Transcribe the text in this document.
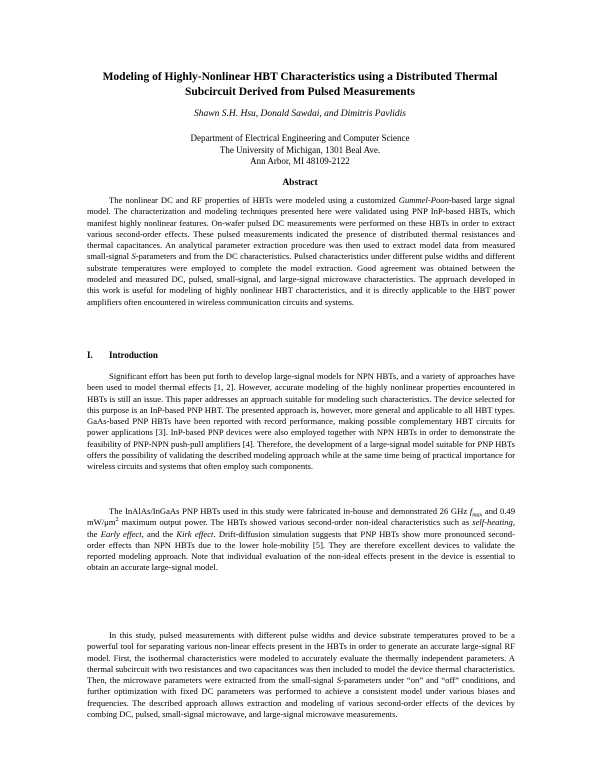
Modeling of Highly-Nonlinear HBT Characteristics using a Distributed Thermal Subcircuit Derived from Pulsed Measurements
Shawn S.H. Hsu, Donald Sawdai, and Dimitris Pavlidis
Department of Electrical Engineering and Computer Science
The University of Michigan, 1301 Beal Ave.
Ann Arbor, MI 48109-2122
Abstract

The nonlinear DC and RF properties of HBTs were modeled using a customized Gummel-Poon-based large signal model. The characterization and modeling techniques presented here were validated using PNP InP-based HBTs, which manifest highly nonlinear features. On-wafer pulsed DC measurements were performed on these HBTs in order to extract various second-order effects. These pulsed measurements indicated the presence of distributed thermal resistances and thermal capacitances. An analytical parameter extraction procedure was then used to extract model data from measured small-signal S-parameters and from the DC characteristics. Pulsed characteristics under different pulse widths and different substrate temperatures were employed to complete the model extraction. Good agreement was obtained between the modeled and measured DC, pulsed, small-signal, and large-signal microwave characteristics. The approach developed in this work is useful for modeling of highly nonlinear HBT characteristics, and it is directly applicable to the HBT power amplifiers often encountered in wireless communication circuits and systems.

I. Introduction

Significant effort has been put forth to develop large-signal models for NPN HBTs, and a variety of approaches have been used to model thermal effects [1, 2]. However, accurate modeling of the highly nonlinear properties encountered in HBTs is still an issue. This paper addresses an approach suitable for modeling such characteristics. The device selected for this purpose is an InP-based PNP HBT. The presented approach is, however, more general and applicable to all HBT types. GaAs-based PNP HBTs have been reported with record performance, making possible complementary HBT circuits for power applications [3]. InP-based PNP devices were also employed together with NPN HBTs in order to demonstrate the feasibility of PNP-NPN push-pull amplifiers [4]. Therefore, the development of a large-signal model suitable for PNP HBTs offers the possibility of validating the described modeling approach while at the same time being of practical importance for wireless circuits and systems that often employ such components.

The InAlAs/InGaAs PNP HBTs used in this study were fabricated in-house and demonstrated 26 GHz $f_{max}$ and 0.49 $mW/\mu m^2$ maximum output power. The HBTs showed various second-order non-ideal characteristics such as self-heating, the Early effect, and the Kirk effect. Drift-diffusion simulation suggests that PNP HBTs show more pronounced second-order effects than NPN HBTs due to the lower hole-mobility [5]. They are therefore excellent devices to validate the reported modeling approach. Note that individual evaluation of the non-ideal effects present in the device is essential to obtain an accurate large-signal model.

In this study, pulsed measurements with different pulse widths and device substrate temperatures proved to be a powerful tool for separating various non-linear effects present in the HBTs in order to generate an accurate large-signal RF model. First, the isothermal characteristics were modeled to accurately evaluate the thermally independent parameters. A thermal subcircuit with two resistances and two capacitances was then included to model the device thermal characteristics. Then, the microwave parameters were extracted from the small-signal S-parameters under “on” and “off” conditions, and further optimization with fixed DC parameters was performed to achieve a consistent model under various biases and frequencies. The described approach allows extraction and modeling of various second-order effects of the devices by combing DC, pulsed, small-signal microwave, and large-signal microwave measurements.
